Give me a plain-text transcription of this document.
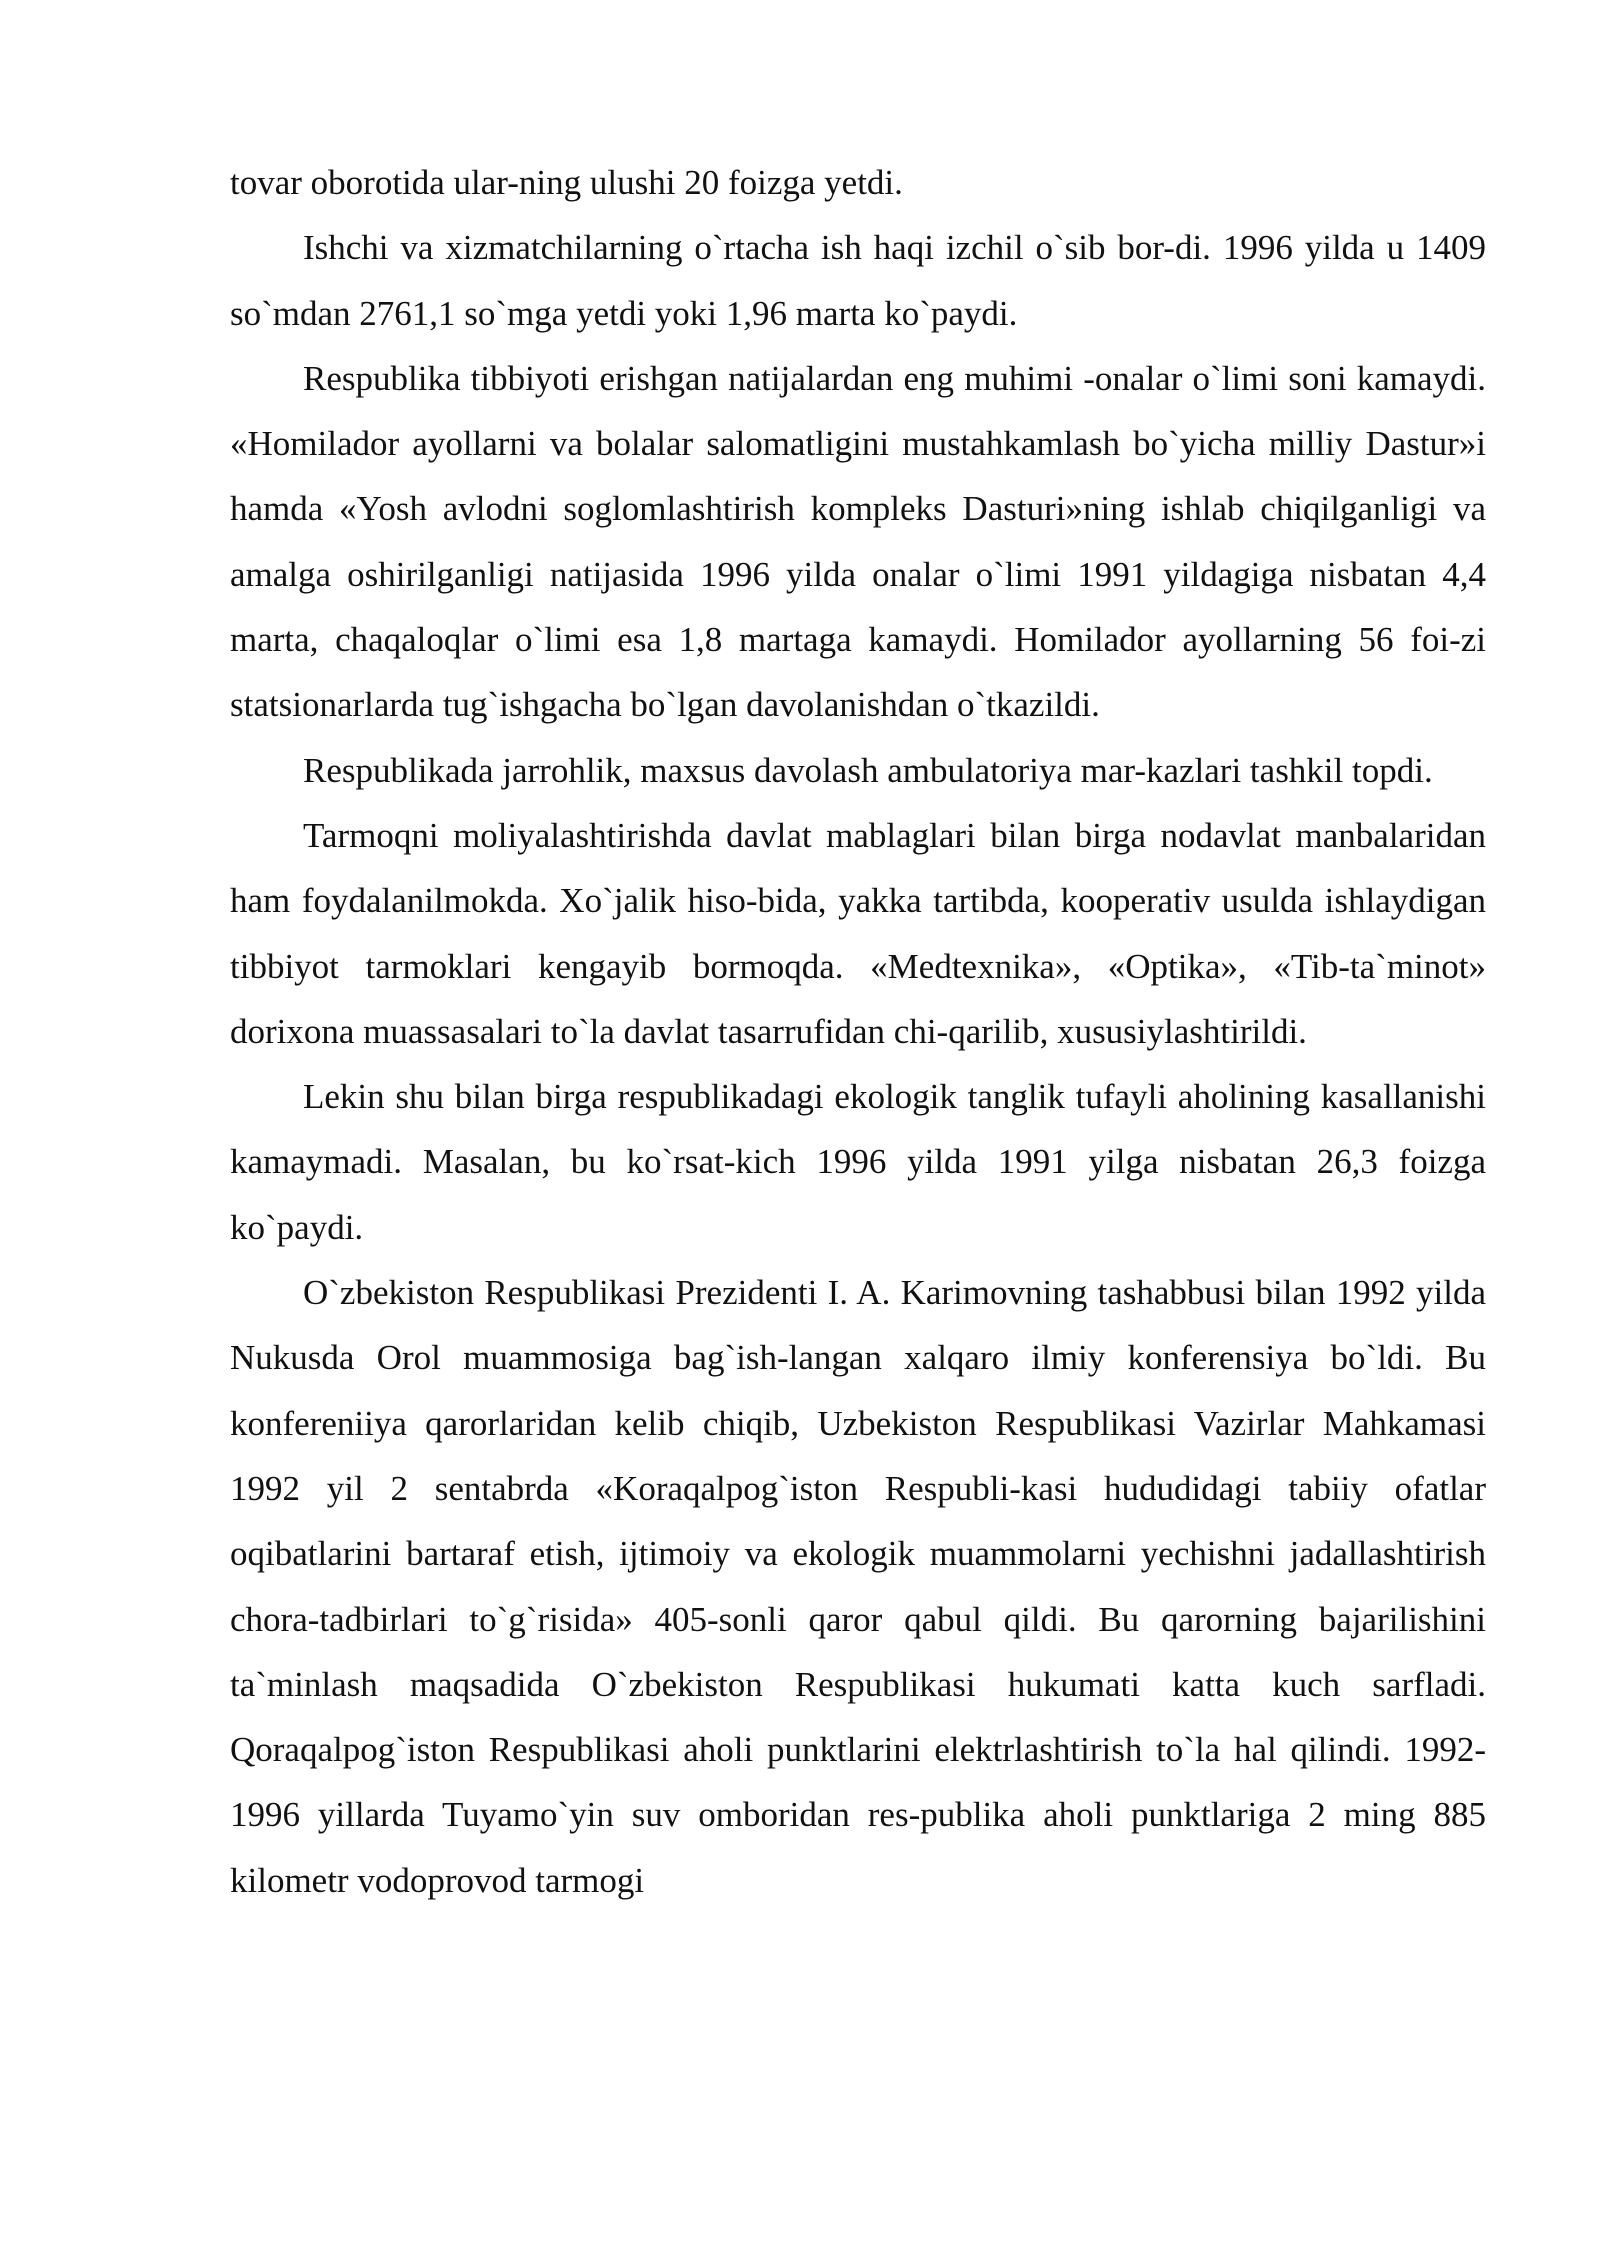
tovar oborotida ular-ning ulushi 20 foizga yetdi.

Ishchi va xizmatchilarning o`rtacha ish haqi izchil o`sib bor-di. 1996 yilda u 1409 so`mdan 2761,1 so`mga yetdi yoki 1,96 marta ko`paydi.

Respublika tibbiyoti erishgan natijalardan eng muhimi -onalar o`limi soni kamaydi. «Homilador ayollarni va bolalar salomatligini mustahkamlash bo`yicha milliy Dastur»i hamda «Yosh avlodni soglomlashtirish kompleks Dasturi»ning ishlab chiqilganligi va amalga oshirilganligi natijasida 1996 yilda onalar o`limi 1991 yildagiga nisbatan 4,4 marta, chaqaloqlar o`limi esa 1,8 martaga kamaydi. Homilador ayollarning 56 foi-zi statsionarlarda tug`ishgacha bo`lgan davolanishdan o`tkazildi.

Respublikada jarrohlik, maxsus davolash ambulatoriya mar-kazlari tashkil topdi.

Tarmoqni moliyalashtirishda davlat mablaglari bilan birga nodavlat manbalaridan ham foydalanilmokda. Xo`jalik hiso-bida, yakka tartibda, kooperativ usulda ishlaydigan tibbiyot tarmoklari kengayib bormoqda. «Medtexnika», «Optika», «Tib-ta`minot» dorixona muassasalari to`la davlat tasarrufidan chi-qarilib, xususiylashtirildi.

Lekin shu bilan birga respublikadagi ekologik tanglik tufayli aholining kasallanishi kamaymadi. Masalan, bu ko`rsat-kich 1996 yilda 1991 yilga nisbatan 26,3 foizga ko`paydi.

O`zbekiston Respublikasi Prezidenti I. A. Karimovning tashabbusi bilan 1992 yilda Nukusda Orol muammosiga bag`ish-langan xalqaro ilmiy konferensiya bo`ldi. Bu konfereniiya qarorlaridan kelib chiqib, Uzbekiston Respublikasi Vazirlar Mahkamasi 1992 yil 2 sentabrda «Koraqalpog`iston Respubli-kasi hududidagi tabiiy ofatlar oqibatlarini bartaraf etish, ijtimoiy va ekologik muammolarni yechishni jadallashtirish chora-tadbirlari to`g`risida» 405-sonli qaror qabul qildi. Bu qarorning bajarilishini ta`minlash maqsadida O`zbekiston Respublikasi hukumati katta kuch sarfladi. Qoraqalpog`iston Respublikasi aholi punktlarini elektrlashtirish to`la hal qilindi. 1992-1996 yillarda Tuyamo`yin suv omboridan res-publika aholi punktlariga 2 ming 885 kilometr vodoprovod tarmogi
